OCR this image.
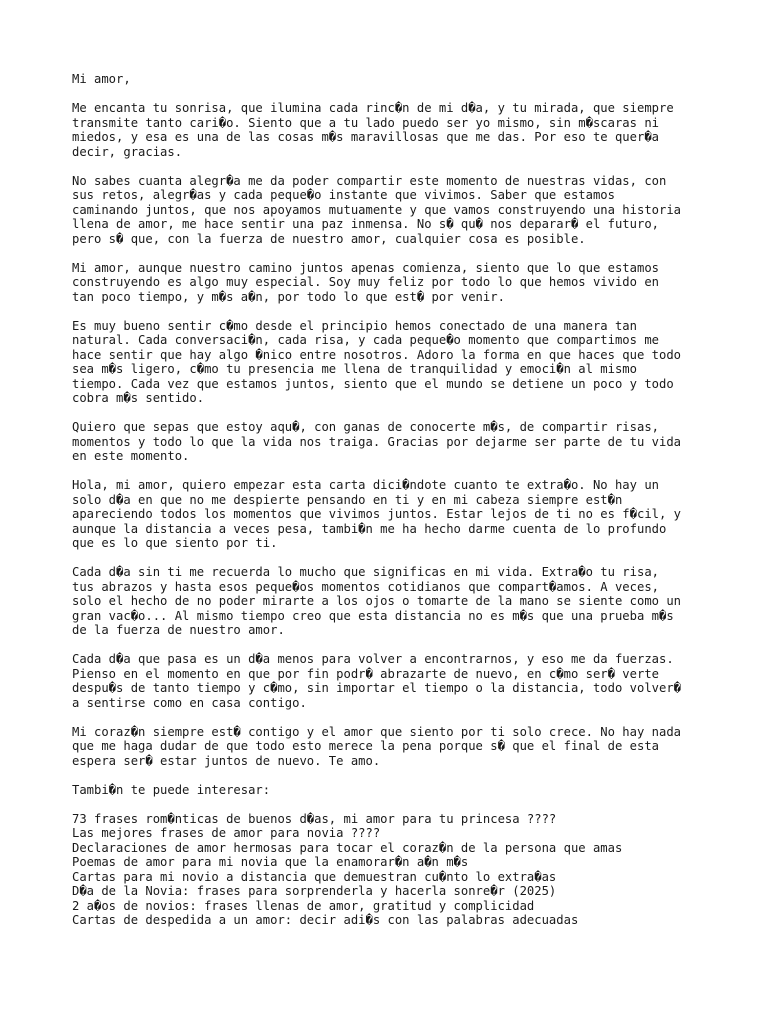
Mi amor,
Me encanta tu sonrisa, que ilumina cada rinc�n de mi d�a, y tu mirada, que siempre
transmite tanto cari�o. Siento que a tu lado puedo ser yo mismo, sin m�scaras ni
miedos, y esa es una de las cosas m�s maravillosas que me das. Por eso te quer�a
decir, gracias.
No sabes cuanta alegr�a me da poder compartir este momento de nuestras vidas, con
sus retos, alegr�as y cada peque�o instante que vivimos. Saber que estamos
caminando juntos, que nos apoyamos mutuamente y que vamos construyendo una historia
llena de amor, me hace sentir una paz inmensa. No s� qu� nos deparar� el futuro,
pero s� que, con la fuerza de nuestro amor, cualquier cosa es posible.
Mi amor, aunque nuestro camino juntos apenas comienza, siento que lo que estamos
construyendo es algo muy especial. Soy muy feliz por todo lo que hemos vivido en
tan poco tiempo, y m�s a�n, por todo lo que est� por venir.
Es muy bueno sentir c�mo desde el principio hemos conectado de una manera tan
natural. Cada conversaci�n, cada risa, y cada peque�o momento que compartimos me
hace sentir que hay algo �nico entre nosotros. Adoro la forma en que haces que todo
sea m�s ligero, c�mo tu presencia me llena de tranquilidad y emoci�n al mismo
tiempo. Cada vez que estamos juntos, siento que el mundo se detiene un poco y todo
cobra m�s sentido.
Quiero que sepas que estoy aqu�, con ganas de conocerte m�s, de compartir risas,
momentos y todo lo que la vida nos traiga. Gracias por dejarme ser parte de tu vida
en este momento.
Hola, mi amor, quiero empezar esta carta dici�ndote cuanto te extra�o. No hay un
solo d�a en que no me despierte pensando en ti y en mi cabeza siempre est�n
apareciendo todos los momentos que vivimos juntos. Estar lejos de ti no es f�cil, y
aunque la distancia a veces pesa, tambi�n me ha hecho darme cuenta de lo profundo
que es lo que siento por ti.
Cada d�a sin ti me recuerda lo mucho que significas en mi vida. Extra�o tu risa,
tus abrazos y hasta esos peque�os momentos cotidianos que compart�amos. A veces,
solo el hecho de no poder mirarte a los ojos o tomarte de la mano se siente como un
gran vac�o... Al mismo tiempo creo que esta distancia no es m�s que una prueba m�s
de la fuerza de nuestro amor.
Cada d�a que pasa es un d�a menos para volver a encontrarnos, y eso me da fuerzas.
Pienso en el momento en que por fin podr� abrazarte de nuevo, en c�mo ser� verte
despu�s de tanto tiempo y c�mo, sin importar el tiempo o la distancia, todo volver�
a sentirse como en casa contigo.
Mi coraz�n siempre est� contigo y el amor que siento por ti solo crece. No hay nada
que me haga dudar de que todo esto merece la pena porque s� que el final de esta
espera ser� estar juntos de nuevo. Te amo.
Tambi�n te puede interesar:
73 frases rom�nticas de buenos d�as, mi amor para tu princesa ????
Las mejores frases de amor para novia ????
Declaraciones de amor hermosas para tocar el coraz�n de la persona que amas
Poemas de amor para mi novia que la enamorar�n a�n m�s
Cartas para mi novio a distancia que demuestran cu�nto lo extra�as
D�a de la Novia: frases para sorprenderla y hacerla sonre�r (2025)
2 a�os de novios: frases llenas de amor, gratitud y complicidad
Cartas de despedida a un amor: decir adi�s con las palabras adecuadas
